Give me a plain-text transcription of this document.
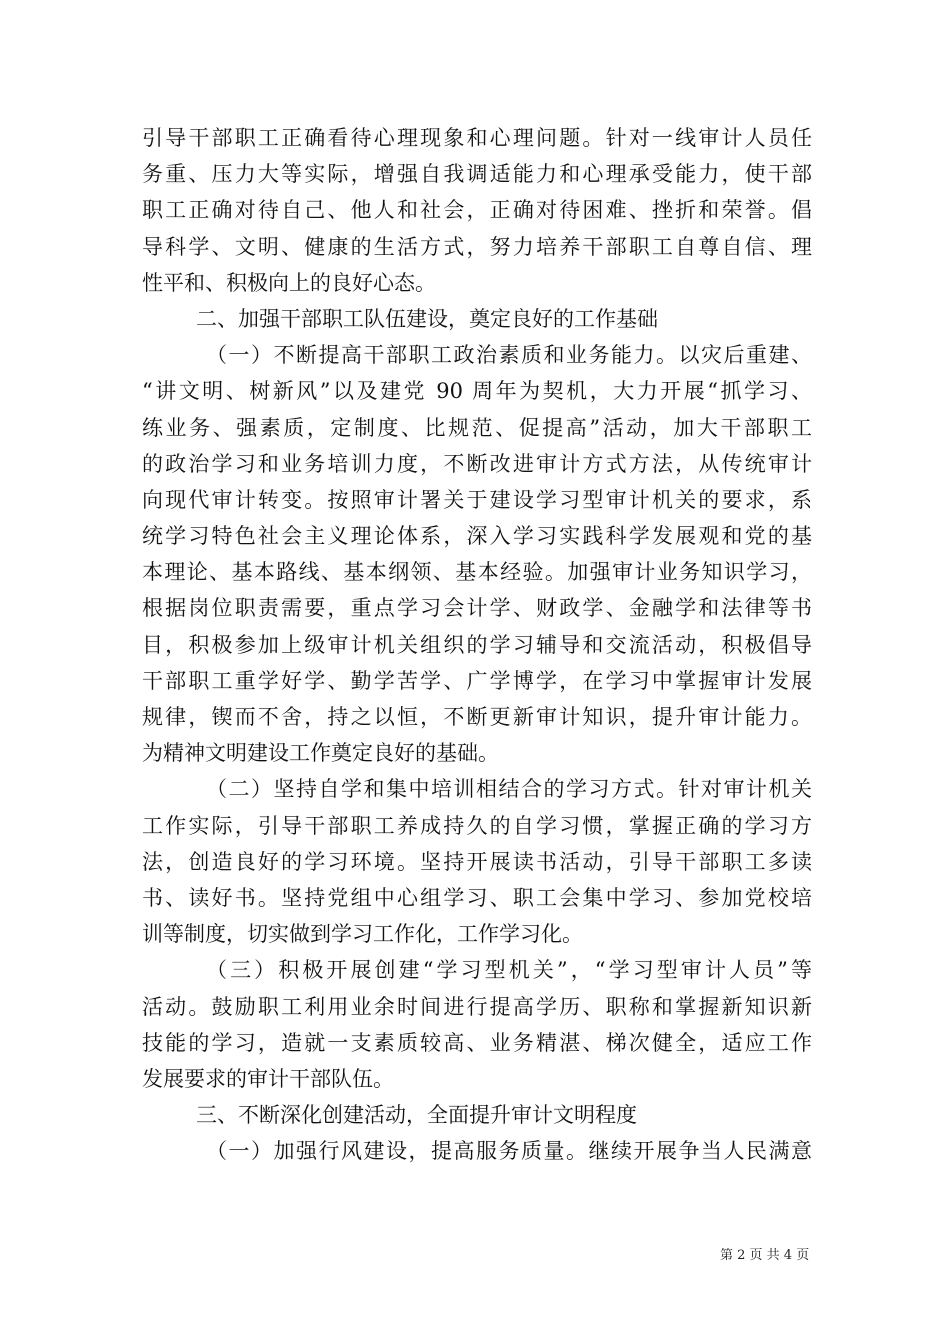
引导干部职工正确看待心理现象和心理问题。针对一线审计人员任
务重、压力大等实际，增强自我调适能力和心理承受能力，使干部
职工正确对待自己、他人和社会，正确对待困难、挫折和荣誉。倡
导科学、文明、健康的生活方式，努力培养干部职工自尊自信、理
性平和、积极向上的良好心态。
二、加强干部职工队伍建设，奠定良好的工作基础
（一）不断提高干部职工政治素质和业务能力。以灾后重建、
“讲文明、树新风”以及建党 90 周年为契机，大力开展“抓学习、
练业务、强素质，定制度、比规范、促提高”活动，加大干部职工
的政治学习和业务培训力度，不断改进审计方式方法，从传统审计
向现代审计转变。按照审计署关于建设学习型审计机关的要求，系
统学习特色社会主义理论体系，深入学习实践科学发展观和党的基
本理论、基本路线、基本纲领、基本经验。加强审计业务知识学习，
根据岗位职责需要，重点学习会计学、财政学、金融学和法律等书
目，积极参加上级审计机关组织的学习辅导和交流活动，积极倡导
干部职工重学好学、勤学苦学、广学博学，在学习中掌握审计发展
规律，锲而不舍，持之以恒，不断更新审计知识，提升审计能力。
为精神文明建设工作奠定良好的基础。
（二）坚持自学和集中培训相结合的学习方式。针对审计机关
工作实际，引导干部职工养成持久的自学习惯，掌握正确的学习方
法，创造良好的学习环境。坚持开展读书活动，引导干部职工多读
书、读好书。坚持党组中心组学习、职工会集中学习、参加党校培
训等制度，切实做到学习工作化，工作学习化。
（三）积极开展创建“学习型机关”，“学习型审计人员”等
活动。鼓励职工利用业余时间进行提高学历、职称和掌握新知识新
技能的学习，造就一支素质较高、业务精湛、梯次健全，适应工作
发展要求的审计干部队伍。
三、不断深化创建活动，全面提升审计文明程度
（一）加强行风建设，提高服务质量。继续开展争当人民满意
第 2 页 共 4 页
